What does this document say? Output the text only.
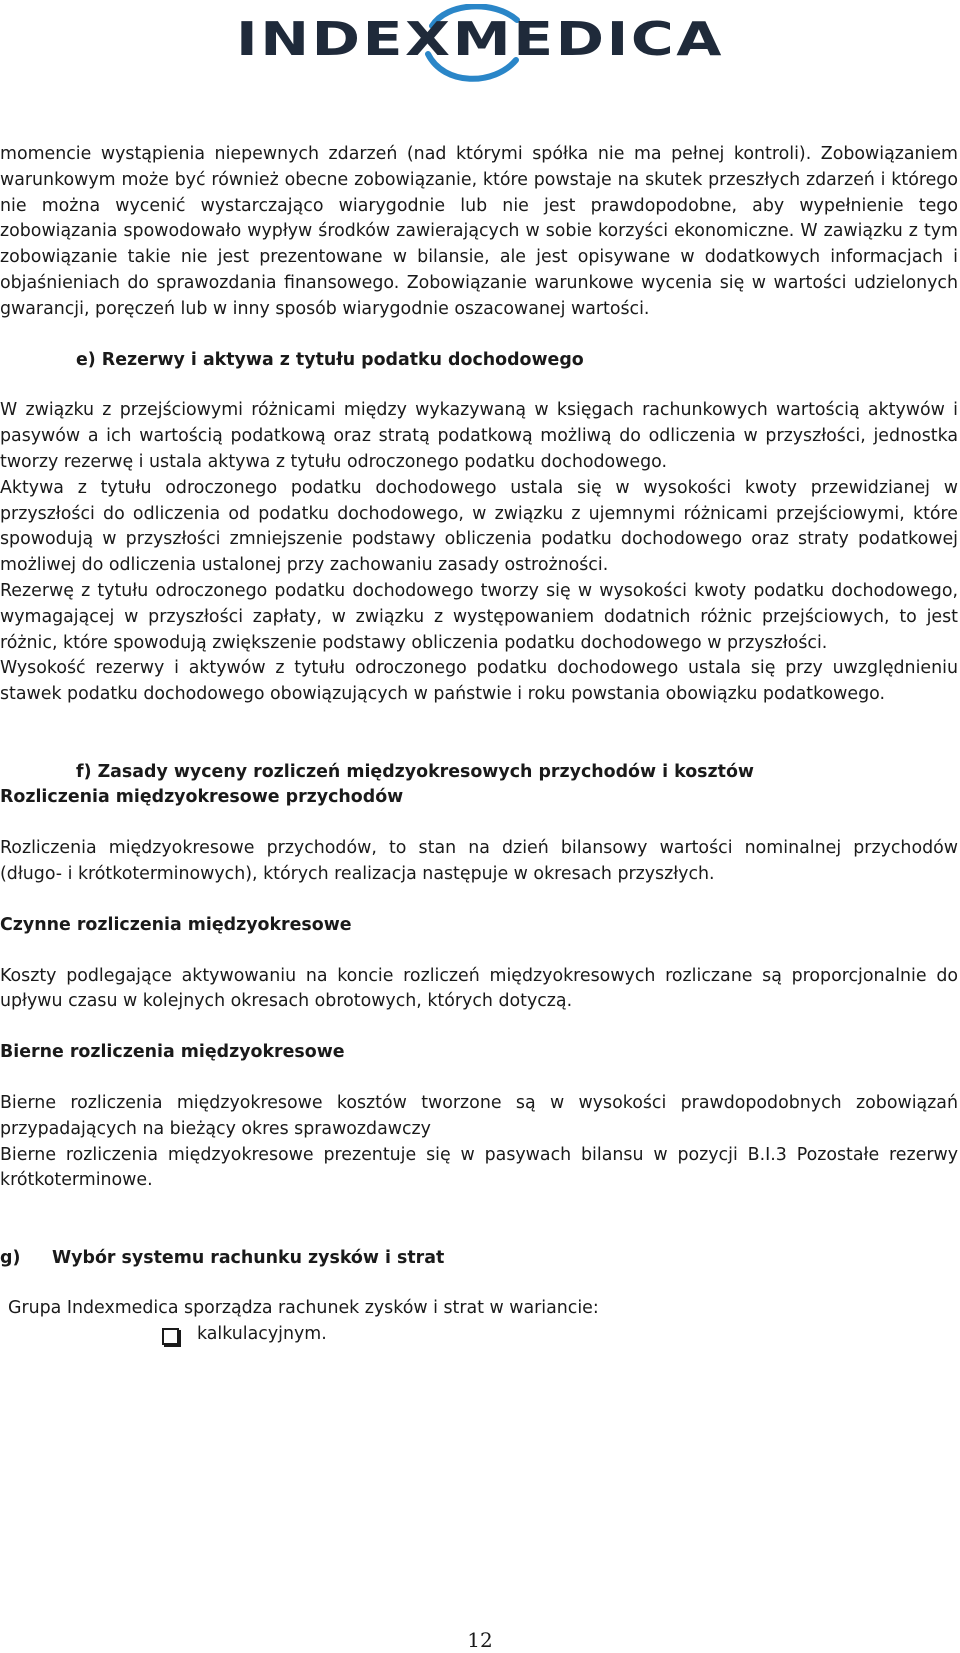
INDEXMEDICA

momencie wystąpienia niepewnych zdarzeń (nad którymi spółka nie ma pełnej kontroli). Zobowiązaniem warunkowym może być również obecne zobowiązanie, które powstaje na skutek przeszłych zdarzeń i którego nie można wycenić wystarczająco wiarygodnie lub nie jest prawdopodobne, aby wypełnienie tego zobowiązania spowodowało wypływ środków zawierających w sobie korzyści ekonomiczne. W zawiązku z tym zobowiązanie takie nie jest prezentowane w bilansie, ale jest opisywane w dodatkowych informacjach i objaśnieniach do sprawozdania finansowego. Zobowiązanie warunkowe wycenia się w wartości udzielonych gwarancji, poręczeń lub w inny sposób wiarygodnie oszacowanej wartości.

e) Rezerwy i aktywa z tytułu podatku dochodowego

W związku z przejściowymi różnicami między wykazywaną w księgach rachunkowych wartością aktywów i pasywów a ich wartością podatkową oraz stratą podatkową możliwą do odliczenia w przyszłości, jednostka tworzy rezerwę i ustala aktywa z tytułu odroczonego podatku dochodowego.

Aktywa z tytułu odroczonego podatku dochodowego ustala się w wysokości kwoty przewidzianej w przyszłości do odliczenia od podatku dochodowego, w związku z ujemnymi różnicami przejściowymi, które spowodują w przyszłości zmniejszenie podstawy obliczenia podatku dochodowego oraz straty podatkowej możliwej do odliczenia ustalonej przy zachowaniu zasady ostrożności.

Rezerwę z tytułu odroczonego podatku dochodowego tworzy się w wysokości kwoty podatku dochodowego, wymagającej w przyszłości zapłaty, w związku z występowaniem dodatnich różnic przejściowych, to jest różnic, które spowodują zwiększenie podstawy obliczenia podatku dochodowego w przyszłości.

Wysokość rezerwy i aktywów z tytułu odroczonego podatku dochodowego ustala się przy uwzględnieniu stawek podatku dochodowego obowiązujących w państwie i roku powstania obowiązku podatkowego.

f) Zasady wyceny rozliczeń międzyokresowych przychodów i kosztów
Rozliczenia międzyokresowe przychodów

Rozliczenia międzyokresowe przychodów, to stan na dzień bilansowy wartości nominalnej przychodów (długo- i krótkoterminowych), których realizacja następuje w okresach przyszłych.

Czynne rozliczenia międzyokresowe

Koszty podlegające aktywowaniu na koncie rozliczeń międzyokresowych rozliczane są proporcjonalnie do upływu czasu w kolejnych okresach obrotowych, których dotyczą.

Bierne rozliczenia międzyokresowe

Bierne rozliczenia międzyokresowe kosztów tworzone są w wysokości prawdopodobnych zobowiązań przypadających na bieżący okres sprawozdawczy

Bierne rozliczenia międzyokresowe prezentuje się w pasywach bilansu w pozycji B.I.3 Pozostałe rezerwy krótkoterminowe.

g)	Wybór systemu rachunku zysków i strat

Grupa Indexmedica sporządza rachunek zysków i strat w wariancie:

kalkulacyjnym.
12
